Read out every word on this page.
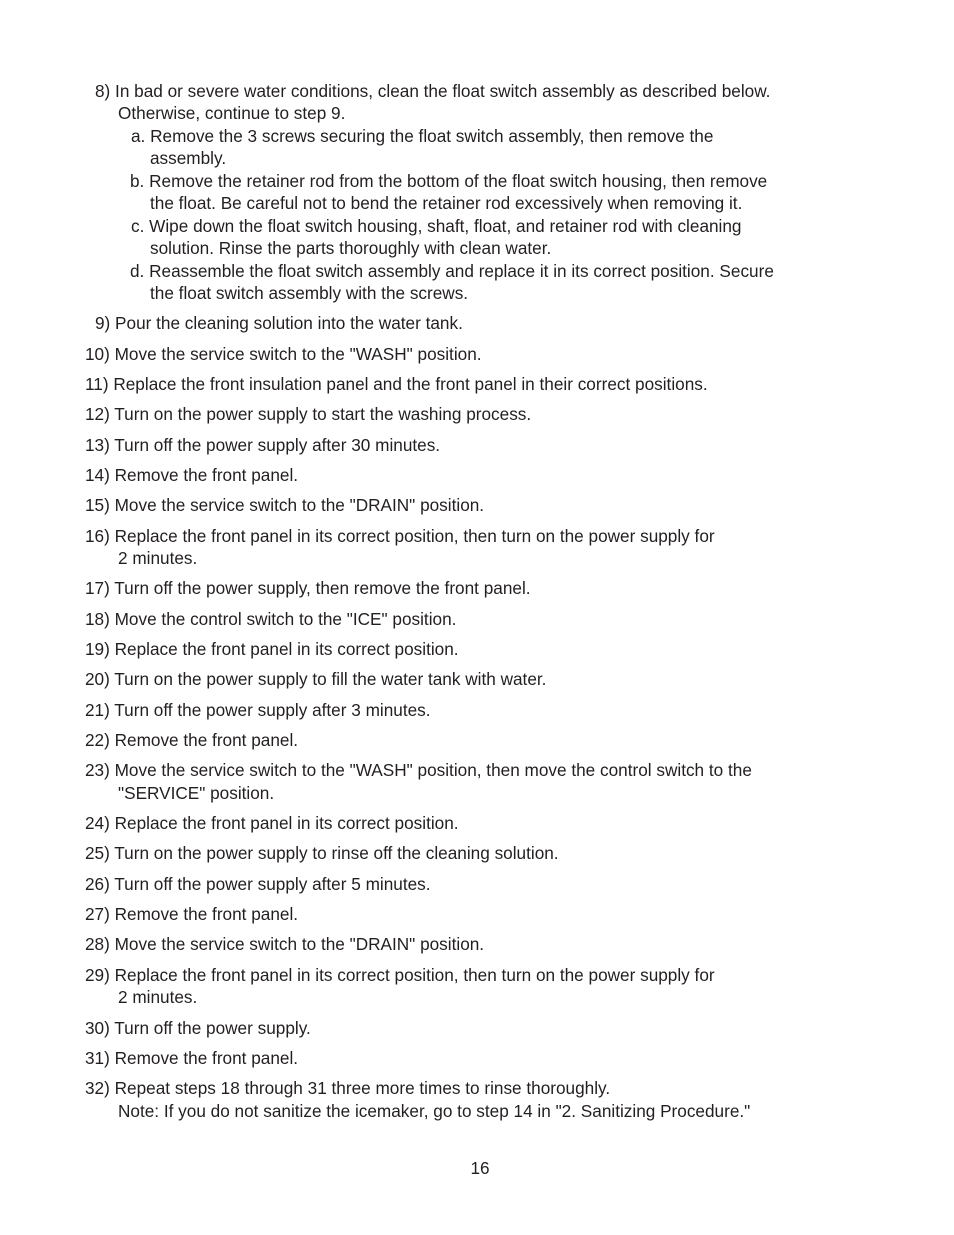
8) In bad or severe water conditions, clean the float switch assembly as described below.
Otherwise, continue to step 9.
a. Remove the 3 screws securing the float switch assembly, then remove the
assembly.
b. Remove the retainer rod from the bottom of the float switch housing, then remove
the float. Be careful not to bend the retainer rod excessively when removing it.
c. Wipe down the float switch housing, shaft, float, and retainer rod with cleaning
solution. Rinse the parts thoroughly with clean water.
d. Reassemble the float switch assembly and replace it in its correct position. Secure
the float switch assembly with the screws.
9) Pour the cleaning solution into the water tank.
10) Move the service switch to the "WASH" position.
11) Replace the front insulation panel and the front panel in their correct positions.
12) Turn on the power supply to start the washing process.
13) Turn off the power supply after 30 minutes.
14) Remove the front panel.
15) Move the service switch to the "DRAIN" position.
16) Replace the front panel in its correct position, then turn on the power supply for
2 minutes.
17) Turn off the power supply, then remove the front panel.
18) Move the control switch to the "ICE" position.
19) Replace the front panel in its correct position.
20) Turn on the power supply to fill the water tank with water.
21) Turn off the power supply after 3 minutes.
22) Remove the front panel.
23) Move the service switch to the "WASH" position, then move the control switch to the
"SERVICE" position.
24) Replace the front panel in its correct position.
25) Turn on the power supply to rinse off the cleaning solution.
26) Turn off the power supply after 5 minutes.
27) Remove the front panel.
28) Move the service switch to the "DRAIN" position.
29) Replace the front panel in its correct position, then turn on the power supply for
2 minutes.
30) Turn off the power supply.
31) Remove the front panel.
32) Repeat steps 18 through 31 three more times to rinse thoroughly.
Note: If you do not sanitize the icemaker, go to step 14 in "2. Sanitizing Procedure."
16
